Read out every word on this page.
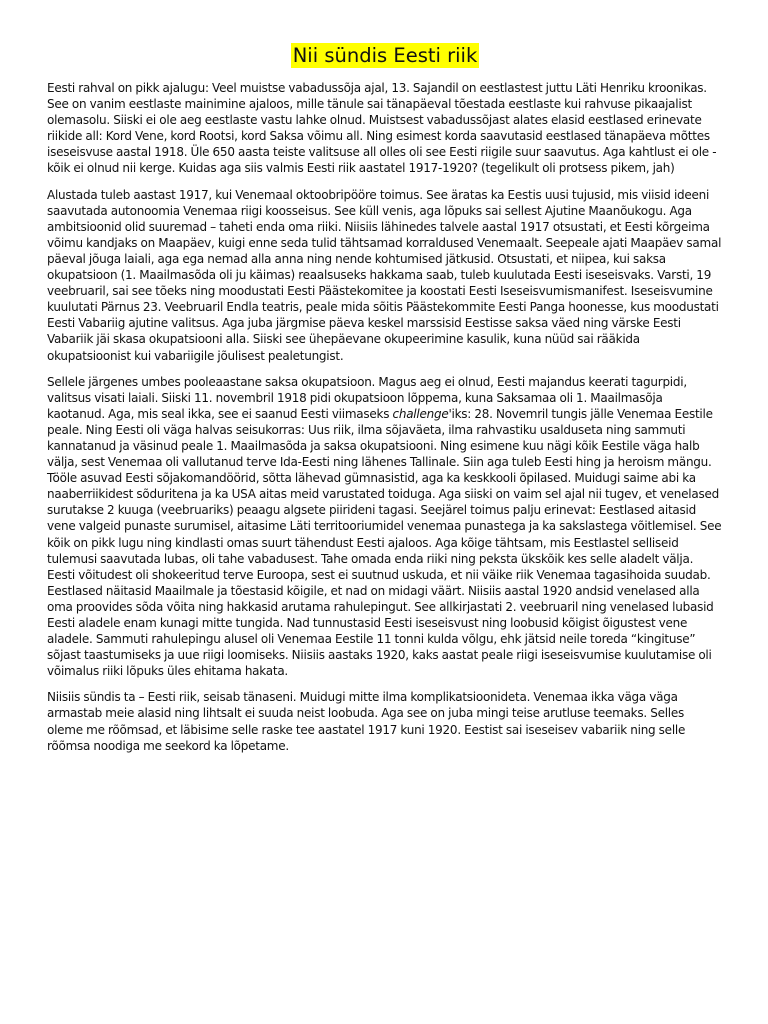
Nii sündis Eesti riik

Eesti rahval on pikk ajalugu: Veel muistse vabadussõja ajal, 13. Sajandil on eestlastest juttu Läti Henriku kroonikas. See on vanim eestlaste mainimine ajaloos, mille tänule sai tänapäeval tõestada eestlaste kui rahvuse pikaajalist olemasolu. Siiski ei ole aeg eestlaste vastu lahke olnud. Muistsest vabadussõjast alates elasid eestlased erinevate riikide all: Kord Vene, kord Rootsi, kord Saksa võimu all. Ning esimest korda saavutasid eestlased tänapäeva mõttes iseseisvuse aastal 1918. Üle 650 aasta teiste valitsuse all olles oli see Eesti riigile suur saavutus. Aga kahtlust ei ole - kõik ei olnud nii kerge. Kuidas aga siis valmis Eesti riik aastatel 1917-1920? (tegelikult oli protsess pikem, jah)

Alustada tuleb aastast 1917, kui Venemaal oktoobripööre toimus. See äratas ka Eestis uusi tujusid, mis viisid ideeni saavutada autonoomia Venemaa riigi koosseisus. See küll venis, aga lõpuks sai sellest Ajutine Maanõukogu. Aga ambitsioonid olid suuremad – taheti enda oma riiki. Niisiis lähinedes talvele aastal 1917 otsustati, et Eesti kõrgeima võimu kandjaks on Maapäev, kuigi enne seda tulid tähtsamad korraldused Venemaalt. Seepeale ajati Maapäev samal päeval jõuga laiali, aga ega nemad alla anna ning nende kohtumised jätkusid. Otsustati, et niipea, kui saksa okupatsioon (1. Maailmasõda oli ju käimas) reaalsuseks hakkama saab, tuleb kuulutada Eesti iseseisvaks. Varsti, 19 veebruaril, sai see tõeks ning moodustati Eesti Päästekomitee ja koostati Eesti Iseseisvumismanifest. Iseseisvumine kuulutati Pärnus 23. Veebruaril Endla teatris, peale mida sõitis Päästekommite Eesti Panga hoonesse, kus moodustati Eesti Vabariig ajutine valitsus. Aga juba järgmise päeva keskel marssisid Eestisse saksa väed ning värske Eesti Vabariik jäi skasa okupatsiooni alla. Siiski see ühepäevane okupeerimine kasulik, kuna nüüd sai rääkida okupatsioonist kui vabariigile jõulisest pealetungist.

Sellele järgenes umbes pooleaastane saksa okupatsioon. Magus aeg ei olnud, Eesti majandus keerati tagurpidi, valitsus visati laiali. Siiski 11. novembril 1918 pidi okupatsioon lõppema, kuna Saksamaa oli 1. Maailmasõja kaotanud. Aga, mis seal ikka, see ei saanud Eesti viimaseks challenge'iks: 28. Novemril tungis jälle Venemaa Eestile peale. Ning Eesti oli väga halvas seisukorras: Uus riik, ilma sõjaväeta, ilma rahvastiku usalduseta ning sammuti kannatanud ja väsinud peale 1. Maailmasõda ja saksa okupatsiooni. Ning esimene kuu nägi kõik Eestile väga halb välja, sest Venemaa oli vallutanud terve Ida-Eesti ning lähenes Tallinale. Siin aga tuleb Eesti hing ja heroism mängu. Tööle asuvad Eesti sõjakomandöörid, sõtta lähevad gümnasistid, aga ka keskkooli õpilased. Muidugi saime abi ka naaberriikidest sõduritena ja ka USA aitas meid varustated toiduga. Aga siiski on vaim sel ajal nii tugev, et venelased surutakse 2 kuuga (veebruariks) peaagu algsete piirideni tagasi. Seejärel toimus palju erinevat: Eestlased aitasid vene valgeid punaste surumisel, aitasime Läti territooriumidel venemaa punastega ja ka sakslastega võitlemisel. See kõik on pikk lugu ning kindlasti omas suurt tähendust Eesti ajaloos. Aga kõige tähtsam, mis Eestlastel selliseid tulemusi saavutada lubas, oli tahe vabadusest. Tahe omada enda riiki ning peksta ükskõik kes selle aladelt välja. Eesti võitudest oli shokeeritud terve Euroopa, sest ei suutnud uskuda, et nii väike riik Venemaa tagasihoida suudab. Eestlased näitasid Maailmale ja tõestasid kõigile, et nad on midagi väärt. Niisiis aastal 1920 andsid venelased alla oma proovides sõda võita ning hakkasid arutama rahulepingut. See allkirjastati 2. veebruaril ning venelased lubasid Eesti aladele enam kunagi mitte tungida. Nad tunnustasid Eesti iseseisvust ning loobusid kõigist õigustest vene aladele. Sammuti rahulepingu alusel oli Venemaa Eestile 11 tonni kulda võlgu, ehk jätsid neile toreda “kingituse” sõjast taastumiseks ja uue riigi loomiseks. Niisiis aastaks 1920, kaks aastat peale riigi iseseisvumise kuulutamise oli võimalus riiki lõpuks üles ehitama hakata.

Niisiis sündis ta – Eesti riik, seisab tänaseni. Muidugi mitte ilma komplikatsioonideta. Venemaa ikka väga väga armastab meie alasid ning lihtsalt ei suuda neist loobuda. Aga see on juba mingi teise arutluse teemaks. Selles oleme me rõõmsad, et läbisime selle raske tee aastatel 1917 kuni 1920. Eestist sai iseseisev vabariik ning selle rõõmsa noodiga me seekord ka lõpetame.
